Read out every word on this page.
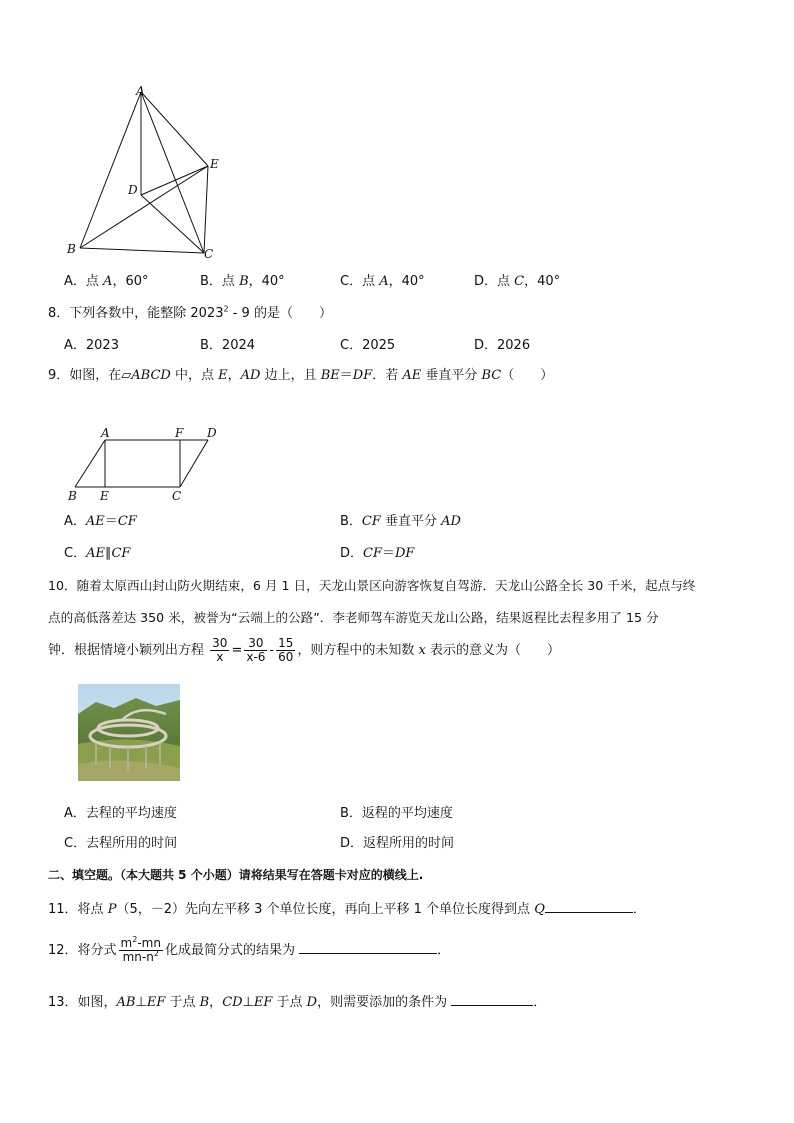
A
E
D
B	C
A．点 A，60°	B．点 B，40°	C．点 A，40°	D．点 C，40°
8．下列各数中，能整除 2023$^2$ - 9 的是（　　）
A．2023	B．2024	C．2025	D．2026
9．如图，在▱ABCD 中，点 E，AD 边上，且 BE＝DF．若 AE 垂直平分 BC（　　）
A	F D
B E	C
A．AE＝CF	B．CF 垂直平分 AD
C．AE∥CF	D．CF＝DF
10．随着太原西山封山防火期结束，6 月 1 日，天龙山景区向游客恢复自驾游．天龙山公路全长 30 千米，起点与终
点的高低落差达 350 米，被誉为“云端上的公路”．李老师驾车游览天龙山公路，结果返程比去程多用了 15 分
钟．根据情境小颖列出方程 $\frac{30}{x} = \frac{30}{x-6} - \frac{15}{60}$ ，则方程中的未知数 x 表示的意义为（　　）
A．去程的平均速度	B．返程的平均速度
C．去程所用的时间	D．返程所用的时间
二、填空题。（本大题共 5 个小题）请将结果写在答题卡对应的横线上.
11．将点 P（5，－2）先向左平移 3 个单位长度，再向上平移 1 个单位长度得到点 Q	．
12．将分式 $\frac{m^2-mn}{mn-n^2}$ 化成最简分式的结果为	．
13．如图，AB⊥EF 于点 B，CD⊥EF 于点 D，则需要添加的条件为	．
